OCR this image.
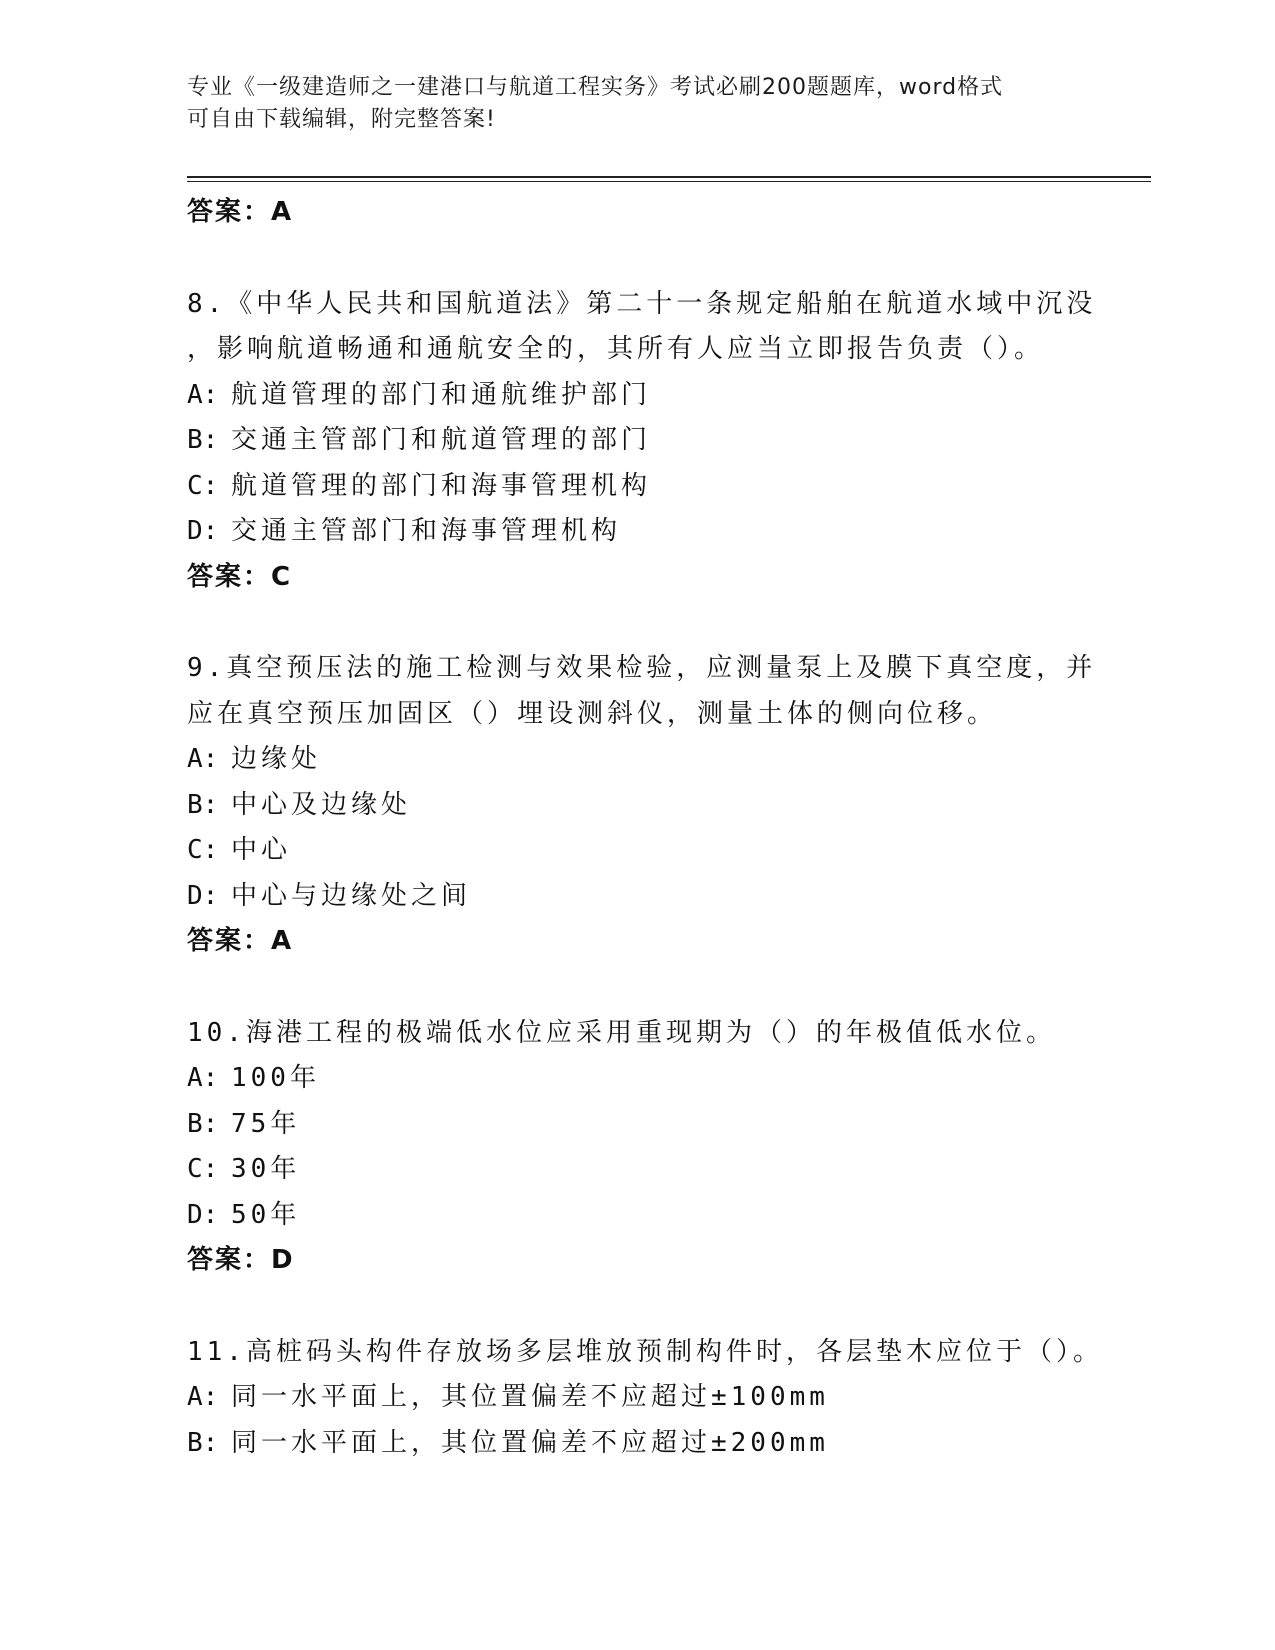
专业《一级建造师之一建港口与航道工程实务》考试必刷200题题库，word格式
可自由下载编辑，附完整答案!
答案：A
8.《中华人民共和国航道法》第二十一条规定船舶在航道水域中沉没
，影响航道畅通和通航安全的，其所有人应当立即报告负责（）。
A: 航道管理的部门和通航维护部门
B: 交通主管部门和航道管理的部门
C: 航道管理的部门和海事管理机构
D: 交通主管部门和海事管理机构
答案：C
9.真空预压法的施工检测与效果检验，应测量泵上及膜下真空度，并
应在真空预压加固区（）埋设测斜仪，测量土体的侧向位移。
A: 边缘处
B: 中心及边缘处
C: 中心
D: 中心与边缘处之间
答案：A
10.海港工程的极端低水位应采用重现期为（）的年极值低水位。
A: 100年
B: 75年
C: 30年
D: 50年
答案：D
11.高桩码头构件存放场多层堆放预制构件时，各层垫木应位于（）。
A: 同一水平面上，其位置偏差不应超过±100mm
B: 同一水平面上，其位置偏差不应超过±200mm
